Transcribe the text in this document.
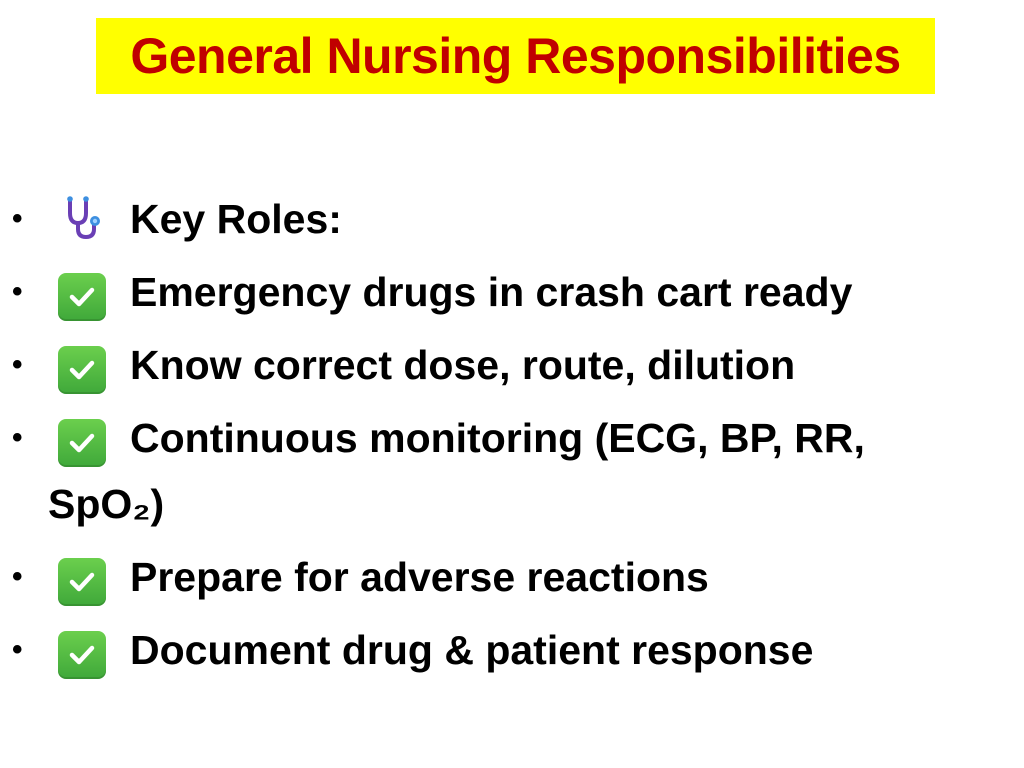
General Nursing Responsibilities
•	Key Roles:
•	Emergency drugs in crash cart ready
•	Know correct dose, route, dilution
•	Continuous monitoring (ECG, BP, RR, SpO₂)
•	Prepare for adverse reactions
•	Document drug & patient response
